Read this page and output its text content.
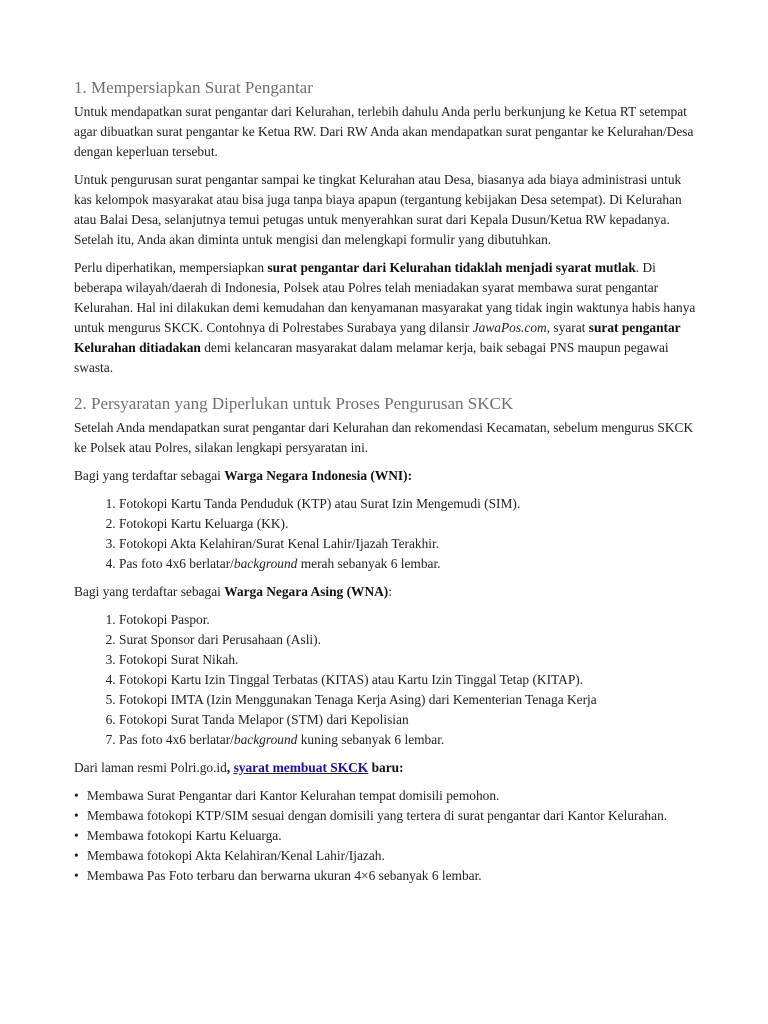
1. Mempersiapkan Surat Pengantar

Untuk mendapatkan surat pengantar dari Kelurahan, terlebih dahulu Anda perlu berkunjung ke Ketua RT setempat agar dibuatkan surat pengantar ke Ketua RW. Dari RW Anda akan mendapatkan surat pengantar ke Kelurahan/Desa dengan keperluan tersebut.

Untuk pengurusan surat pengantar sampai ke tingkat Kelurahan atau Desa, biasanya ada biaya administrasi untuk kas kelompok masyarakat atau bisa juga tanpa biaya apapun (tergantung kebijakan Desa setempat). Di Kelurahan atau Balai Desa, selanjutnya temui petugas untuk menyerahkan surat dari Kepala Dusun/Ketua RW kepadanya. Setelah itu, Anda akan diminta untuk mengisi dan melengkapi formulir yang dibutuhkan.

Perlu diperhatikan, mempersiapkan surat pengantar dari Kelurahan tidaklah menjadi syarat mutlak. Di beberapa wilayah/daerah di Indonesia, Polsek atau Polres telah meniadakan syarat membawa surat pengantar Kelurahan. Hal ini dilakukan demi kemudahan dan kenyamanan masyarakat yang tidak ingin waktunya habis hanya untuk mengurus SKCK. Contohnya di Polrestabes Surabaya yang dilansir JawaPos.com, syarat surat pengantar Kelurahan ditiadakan demi kelancaran masyarakat dalam melamar kerja, baik sebagai PNS maupun pegawai swasta.

2. Persyaratan yang Diperlukan untuk Proses Pengurusan SKCK

Setelah Anda mendapatkan surat pengantar dari Kelurahan dan rekomendasi Kecamatan, sebelum mengurus SKCK ke Polsek atau Polres, silakan lengkapi persyaratan ini.

Bagi yang terdaftar sebagai Warga Negara Indonesia (WNI):

1. Fotokopi Kartu Tanda Penduduk (KTP) atau Surat Izin Mengemudi (SIM).
2. Fotokopi Kartu Keluarga (KK).
3. Fotokopi Akta Kelahiran/Surat Kenal Lahir/Ijazah Terakhir.
4. Pas foto 4x6 berlatar/background merah sebanyak 6 lembar.

Bagi yang terdaftar sebagai Warga Negara Asing (WNA):

1. Fotokopi Paspor.
2. Surat Sponsor dari Perusahaan (Asli).
3. Fotokopi Surat Nikah.
4. Fotokopi Kartu Izin Tinggal Terbatas (KITAS) atau Kartu Izin Tinggal Tetap (KITAP).
5. Fotokopi IMTA (Izin Menggunakan Tenaga Kerja Asing) dari Kementerian Tenaga Kerja
6. Fotokopi Surat Tanda Melapor (STM) dari Kepolisian
7. Pas foto 4x6 berlatar/background kuning sebanyak 6 lembar.

Dari laman resmi Polri.go.id, syarat membuat SKCK baru:

• Membawa Surat Pengantar dari Kantor Kelurahan tempat domisili pemohon.
• Membawa fotokopi KTP/SIM sesuai dengan domisili yang tertera di surat pengantar dari Kantor Kelurahan.
• Membawa fotokopi Kartu Keluarga.
• Membawa fotokopi Akta Kelahiran/Kenal Lahir/Ijazah.
• Membawa Pas Foto terbaru dan berwarna ukuran 4×6 sebanyak 6 lembar.
